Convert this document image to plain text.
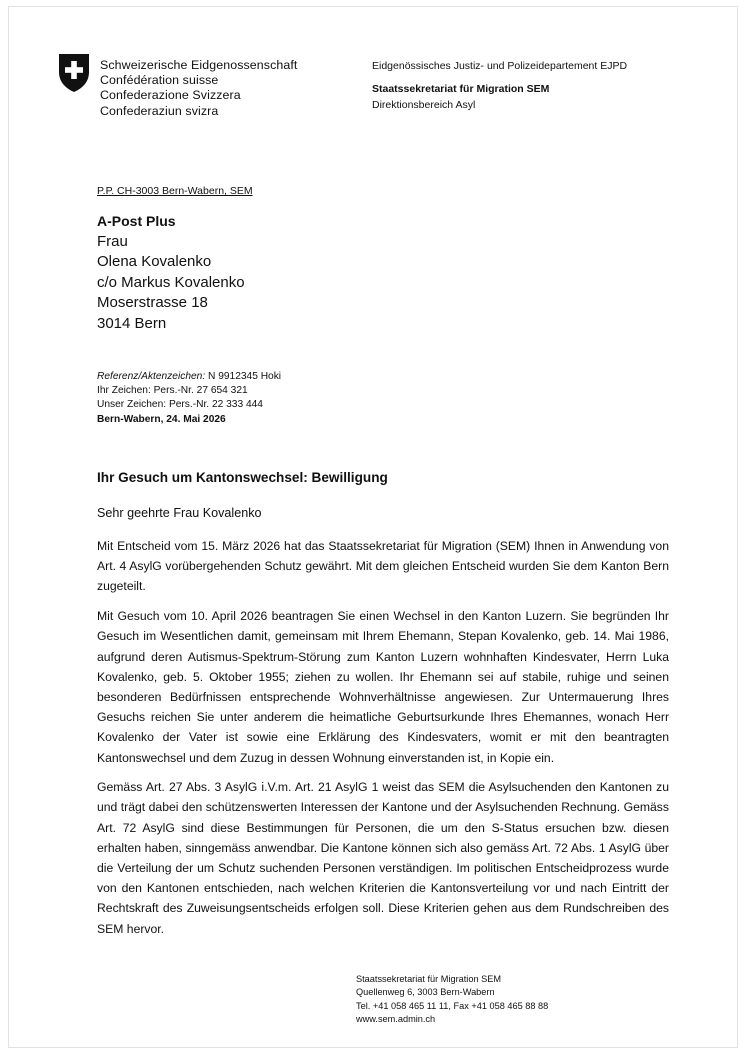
Schweizerische Eidgenossenschaft
Confédération suisse
Confederazione Svizzera
Confederaziun svizra
Eidgenössisches Justiz- und Polizeidepartement EJPD
Staatssekretariat für Migration SEM
Direktionsbereich Asyl
P.P. CH-3003 Bern-Wabern, SEM
A-Post Plus
Frau
Olena Kovalenko
c/o Markus Kovalenko
Moserstrasse 18
3014 Bern
Referenz/Aktenzeichen: N 9912345 Hoki
Ihr Zeichen: Pers.-Nr. 27 654 321
Unser Zeichen: Pers.-Nr. 22 333 444
Bern-Wabern, 24. Mai 2026
Ihr Gesuch um Kantonswechsel: Bewilligung
Sehr geehrte Frau Kovalenko

Mit Entscheid vom 15. März 2026 hat das Staatssekretariat für Migration (SEM) Ihnen in Anwendung von Art. 4 AsylG vorübergehenden Schutz gewährt. Mit dem gleichen Entscheid wurden Sie dem Kanton Bern zugeteilt.

Mit Gesuch vom 10. April 2026 beantragen Sie einen Wechsel in den Kanton Luzern. Sie begründen Ihr Gesuch im Wesentlichen damit, gemeinsam mit Ihrem Ehemann, Stepan Kovalenko, geb. 14. Mai 1986, aufgrund deren Autismus-Spektrum-Störung zum Kanton Luzern wohnhaften Kindesvater, Herrn Luka Kovalenko, geb. 5. Oktober 1955; ziehen zu wollen. Ihr Ehemann sei auf stabile, ruhige und seinen besonderen Bedürfnissen entsprechende Wohnverhältnisse angewiesen. Zur Untermauerung Ihres Gesuchs reichen Sie unter anderem die heimatliche Geburtsurkunde Ihres Ehemannes, wonach Herr Kovalenko der Vater ist sowie eine Erklärung des Kindesvaters, womit er mit den beantragten Kantonswechsel und dem Zuzug in dessen Wohnung einverstanden ist, in Kopie ein.

Gemäss Art. 27 Abs. 3 AsylG i.V.m. Art. 21 AsylG 1 weist das SEM die Asylsuchenden den Kantonen zu und trägt dabei den schützenswerten Interessen der Kantone und der Asylsuchenden Rechnung. Gemäss Art. 72 AsylG sind diese Bestimmungen für Personen, die um den S-Status ersuchen bzw. diesen erhalten haben, sinngemäss anwendbar. Die Kantone können sich also gemäss Art. 72 Abs. 1 AsylG über die Verteilung der um Schutz suchenden Personen verständigen. Im politischen Entscheidprozess wurde von den Kantonen entschieden, nach welchen Kriterien die Kantonsverteilung vor und nach Eintritt der Rechtskraft des Zuweisungsentscheids erfolgen soll. Diese Kriterien gehen aus dem Rundschreiben des SEM hervor.

Staatssekretariat für Migration SEM
Quellenweg 6, 3003 Bern-Wabern
Tel. +41 058 465 11 11, Fax +41 058 465 88 88
www.sem.admin.ch
